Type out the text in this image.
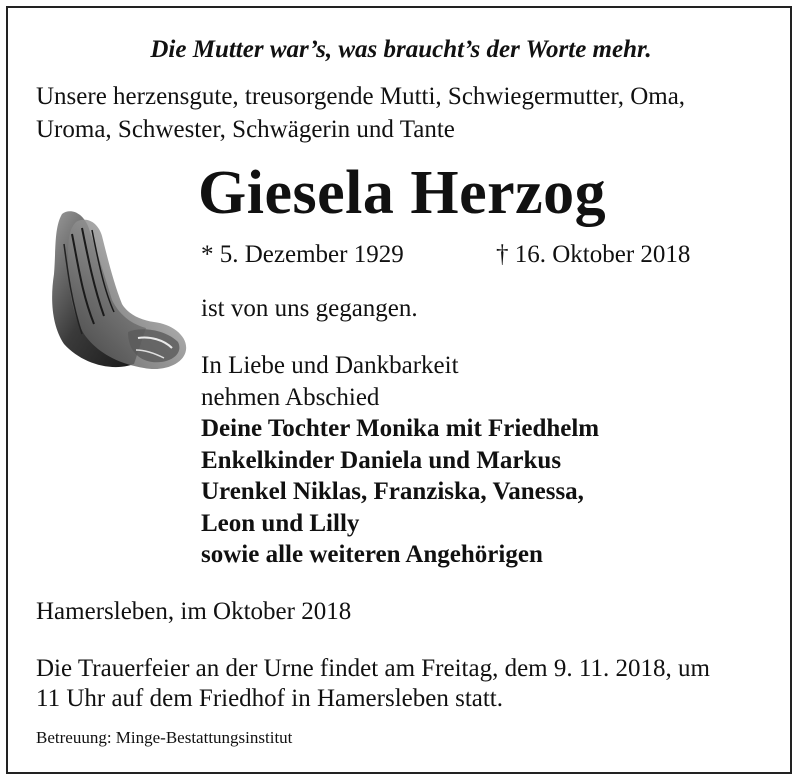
Die Mutter war’s, was braucht’s der Worte mehr.
Unsere herzensgute, treusorgende Mutti, Schwiegermutter, Oma,
Uroma, Schwester, Schwägerin und Tante
Giesela Herzog
* 5. Dezember 1929	† 16. Oktober 2018
ist von uns gegangen.
In Liebe und Dankbarkeit
nehmen Abschied
Deine Tochter Monika mit Friedhelm
Enkelkinder Daniela und Markus
Urenkel Niklas, Franziska, Vanessa,
Leon und Lilly
sowie alle weiteren Angehörigen
Hamersleben, im Oktober 2018
Die Trauerfeier an der Urne findet am Freitag, dem 9. 11. 2018, um
11 Uhr auf dem Friedhof in Hamersleben statt.
Betreuung: Minge-Bestattungsinstitut
